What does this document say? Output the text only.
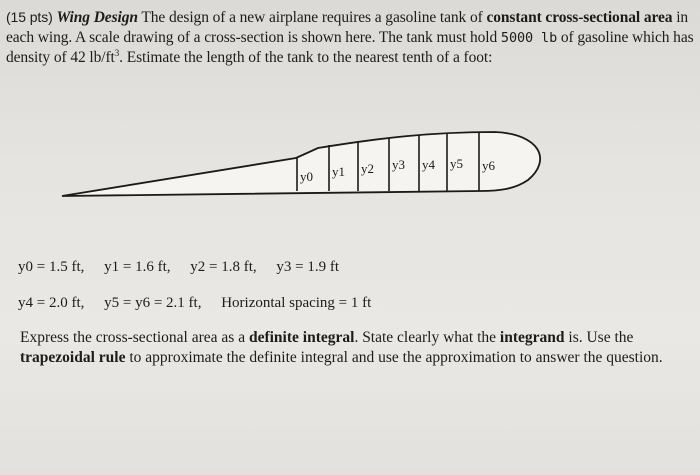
(15 pts) Wing Design The design of a new airplane requires a gasoline tank of constant cross-sectional area in each wing. A scale drawing of a cross-section is shown here. The tank must hold 5000 lb of gasoline which has density of 42 $lb/ft^3$. Estimate the length of the tank to the nearest tenth of a foot:
y0 y1 y2 y3 y4 y5 y6
y0 = 1.5 ft, y1 = 1.6 ft, y2 = 1.8 ft, y3 = 1.9 ft
y4 = 2.0 ft, y5 = y6 = 2.1 ft, Horizontal spacing = 1 ft
Express the cross-sectional area as a definite integral. State clearly what the integrand is. Use the trapezoidal rule to approximate the definite integral and use the approximation to answer the question.
